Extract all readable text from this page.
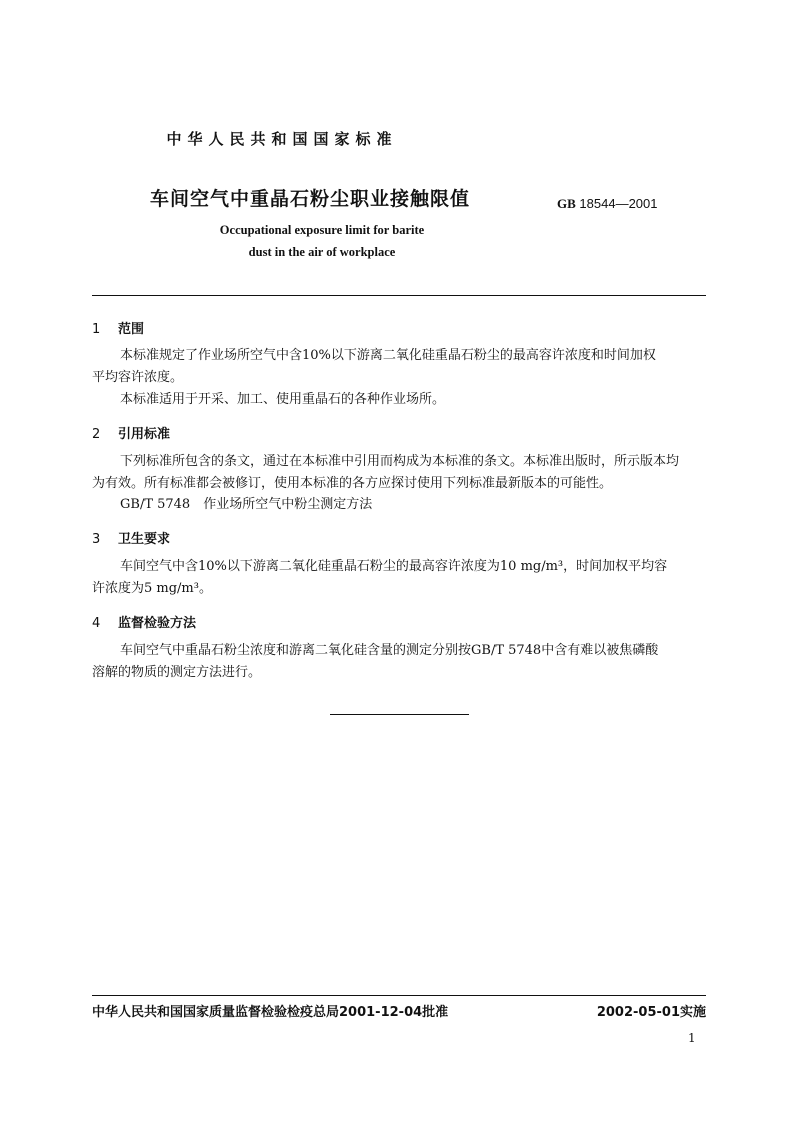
中华人民共和国国家标准
车间空气中重晶石粉尘职业接触限值	GB 18544—2001
Occupational exposure limit for barite
dust in the air of workplace
1 范围
本标准规定了作业场所空气中含10%以下游离二氧化硅重晶石粉尘的最高容许浓度和时间加权
平均容许浓度。
本标准适用于开采、加工、使用重晶石的各种作业场所。
2 引用标准
下列标准所包含的条文，通过在本标准中引用而构成为本标准的条文。本标准出版时，所示版本均
为有效。所有标准都会被修订，使用本标准的各方应探讨使用下列标准最新版本的可能性。
GB/T 5748　作业场所空气中粉尘测定方法
3 卫生要求
车间空气中含10%以下游离二氧化硅重晶石粉尘的最高容许浓度为10 mg/m³，时间加权平均容
许浓度为5 mg/m³。
4 监督检验方法
车间空气中重晶石粉尘浓度和游离二氧化硅含量的测定分别按GB/T 5748中含有难以被焦磷酸
溶解的物质的测定方法进行。
中华人民共和国国家质量监督检验检疫总局2001-12-04批准	2002-05-01实施
1
